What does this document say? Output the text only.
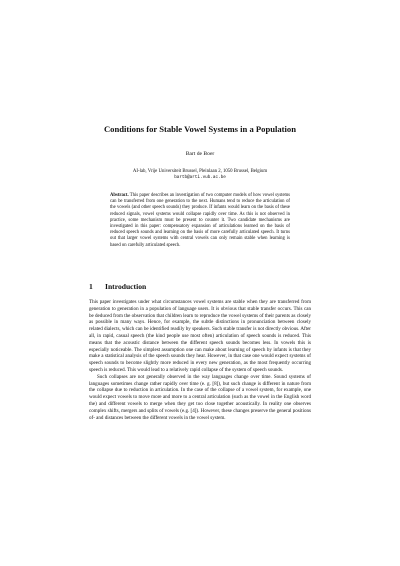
Conditions for Stable Vowel Systems in a Population
Bart de Boer
AI-lab, Vrije Universiteit Brussel, Pleinlaan 2, 1050 Brussel, Belgium
bartb@arti.vub.ac.be
Abstract. This paper describes an investigation of two computer models of how vowel systems can be transferred from one generation to the next. Humans tend to reduce the articulation of the vowels (and other speech sounds) they produce. If infants would learn on the basis of these reduced signals, vowel systems would collapse rapidly over time. As this is not observed in practice, some mechanism must be present to counter it. Two candidate mechanisms are investigated in this paper: compensatory expansion of articulations learned on the basis of reduced speech sounds and learning on the basis of more carefully articulated speech. It turns out that larger vowel systems with central vowels can only remain stable when learning is based on carefully articulated speech.
1 Introduction

This paper investigates under what circumstances vowel systems are stable when they are transferred from generation to generation in a population of language users. It is obvious that stable transfer occurs. This can be deduced from the observation that children learn to reproduce the vowel systems of their parents as closely as possible in many ways. Hence, for example, the subtle distinctions in pronunciation between closely related dialects, which can be identified readily by speakers. Such stable transfer is not directly obvious. After all, in rapid, casual speech (the kind people use most often) articulation of speech sounds is reduced. This means that the acoustic distance between the different speech sounds becomes less. In vowels this is especially noticeable. The simplest assumption one can make about learning of speech by infants is that they make a statistical analysis of the speech sounds they hear. However, in that case one would expect systems of speech sounds to become slightly more reduced in every new generation, as the most frequently occurring speech is reduced. This would lead to a relatively rapid collapse of the system of speech sounds.

Such collapses are not generally observed in the way languages change over time. Sound systems of languages sometimes change rather rapidly over time (e. g. [8]), but such change is different in nature from the collapse due to reduction in articulation. In the case of the collapse of a vowel system, for example, one would expect vowels to move more and more to a central articulation (such as the vowel in the English word the) and different vowels to merge when they get too close together acoustically. In reality one observes complex shifts, mergers and splits of vowels (e.g. [4]). However, these changes preserve the general positions of- and distances between the different vowels in the vowel system.
